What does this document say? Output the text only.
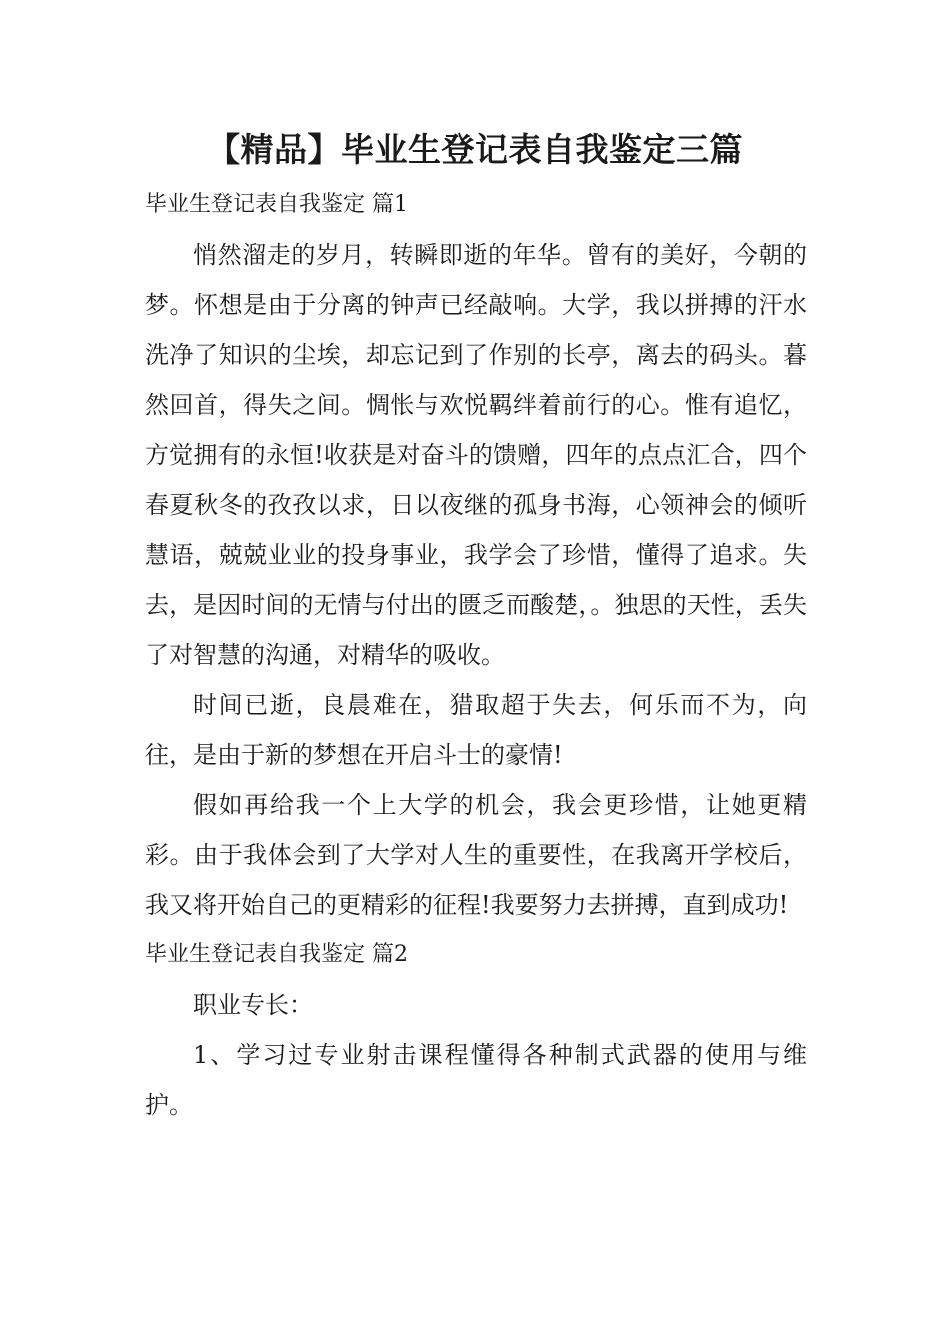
【精品】毕业生登记表自我鉴定三篇
毕业生登记表自我鉴定 篇1

悄然溜走的岁月，转瞬即逝的年华。曾有的美好，今朝的梦。怀想是由于分离的钟声已经敲响。大学，我以拼搏的汗水洗净了知识的尘埃，却忘记到了作别的长亭，离去的码头。暮然回首，得失之间。惆怅与欢悦羁绊着前行的心。惟有追忆，方觉拥有的永恒!收获是对奋斗的馈赠，四年的点点汇合，四个春夏秋冬的孜孜以求，日以夜继的孤身书海，心领神会的倾听慧语，兢兢业业的投身事业，我学会了珍惜，懂得了追求。失去，是因时间的无情与付出的匮乏而酸楚，。独思的天性，丢失了对智慧的沟通，对精华的吸收。

时间已逝，良晨难在，猎取超于失去，何乐而不为，向往，是由于新的梦想在开启斗士的豪情!

假如再给我一个上大学的机会，我会更珍惜，让她更精彩。由于我体会到了大学对人生的重要性，在我离开学校后，我又将开始自己的更精彩的征程!我要努力去拼搏，直到成功!

毕业生登记表自我鉴定 篇2

职业专长：

1、学习过专业射击课程懂得各种制式武器的使用与维护。
